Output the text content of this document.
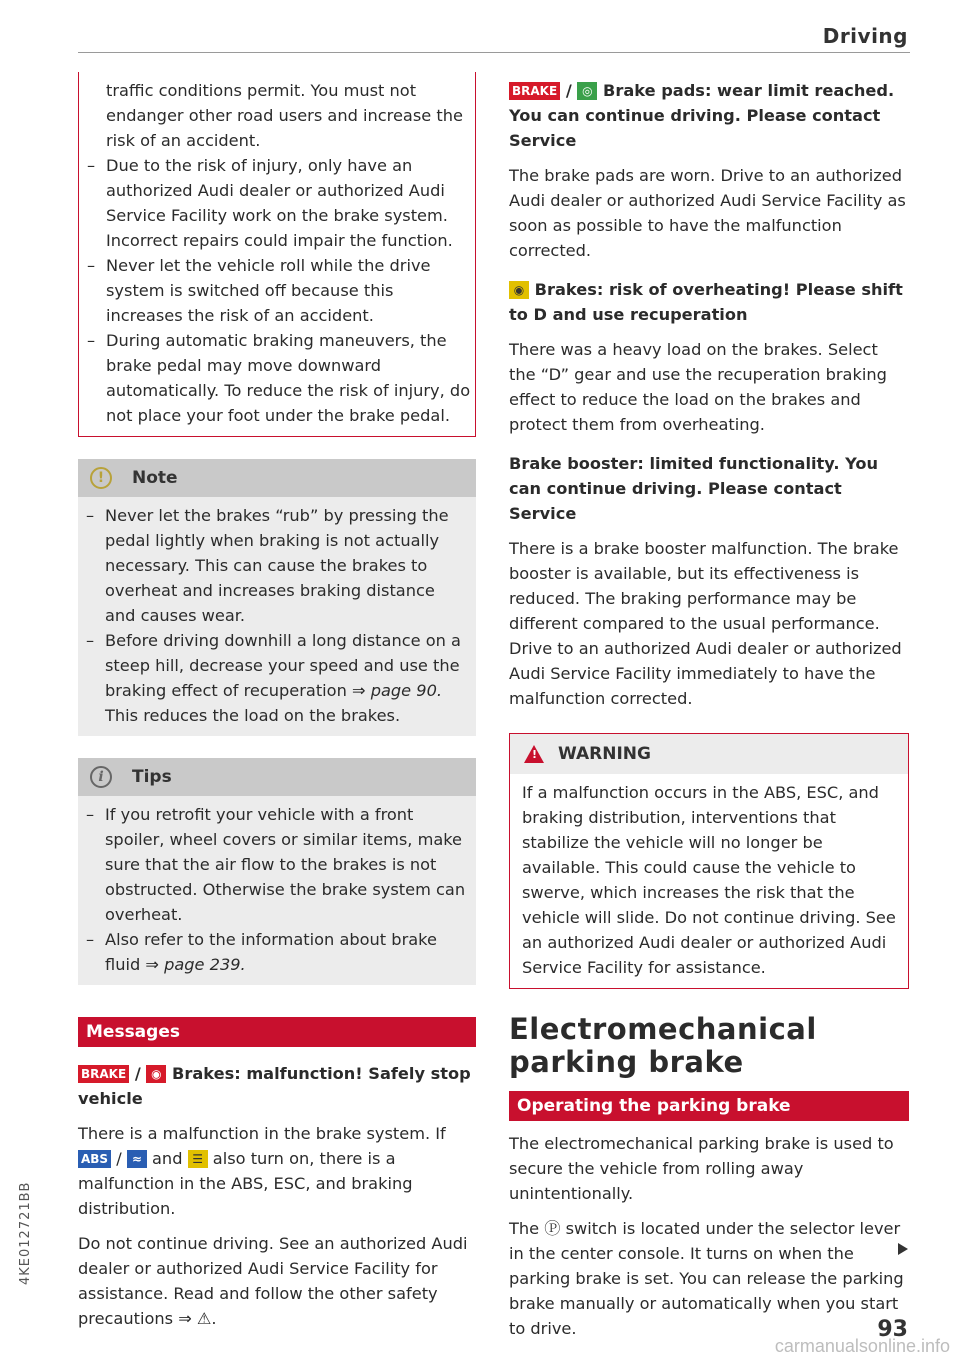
Driving

traffic conditions permit. You must not endanger other road users and increase the risk of an accident.

– Due to the risk of injury, only have an authorized Audi dealer or authorized Audi Service Facility work on the brake system. Incorrect repairs could impair the function.
– Never let the vehicle roll while the drive system is switched off because this increases the risk of an accident.
– During automatic braking maneuvers, the brake pedal may move downward automatically. To reduce the risk of injury, do not place your foot under the brake pedal.
!	Note
– Never let the brakes “rub” by pressing the pedal lightly when braking is not actually necessary. This can cause the brakes to overheat and increases braking distance and causes wear.
– Before driving downhill a long distance on a steep hill, decrease your speed and use the braking effect of recuperation ⇒ page 90. This reduces the load on the brakes.
i	Tips
– If you retrofit your vehicle with a front spoiler, wheel covers or similar items, make sure that the air flow to the brakes is not obstructed. Otherwise the brake system can overheat.
– Also refer to the information about brake fluid ⇒ page 239.
Messages
BRAKE / ◉ Brakes: malfunction! Safely stop vehicle

There is a malfunction in the brake system. If ABS / ≈ and ☰ also turn on, there is a malfunction in the ABS, ESC, and braking distribution.

Do not continue driving. See an authorized Audi dealer or authorized Audi Service Facility for assistance. Read and follow the other safety precautions ⇒ ⚠.

BRAKE / ◎ Brake pads: wear limit reached. You can continue driving. Please contact Service

The brake pads are worn. Drive to an authorized Audi dealer or authorized Audi Service Facility as soon as possible to have the malfunction corrected.

◉ Brakes: risk of overheating! Please shift to D and use recuperation

There was a heavy load on the brakes. Select the “D” gear and use the recuperation braking effect to reduce the load on the brakes and protect them from overheating.

Brake booster: limited functionality. You can continue driving. Please contact Service

There is a brake booster malfunction. The brake booster is available, but its effectiveness is reduced. The braking performance may be different compared to the usual performance. Drive to an authorized Audi dealer or authorized Audi Service Facility immediately to have the malfunction corrected.

!
WARNING

If a malfunction occurs in the ABS, ESC, and braking distribution, interventions that stabilize the vehicle will no longer be available. This could cause the vehicle to swerve, which increases the risk that the vehicle will slide. Do not continue driving. See an authorized Audi dealer or authorized Audi Service Facility for assistance.

Electromechanical parking brake
Operating the parking brake

The electromechanical parking brake is used to secure the vehicle from rolling away unintentionally.

The Ⓟ switch is located under the selector lever in the center console. It turns on when the parking brake is set. You can release the parking brake manually or automatically when you start to drive.	93
4KE012721BB
carmanualsonline.info
